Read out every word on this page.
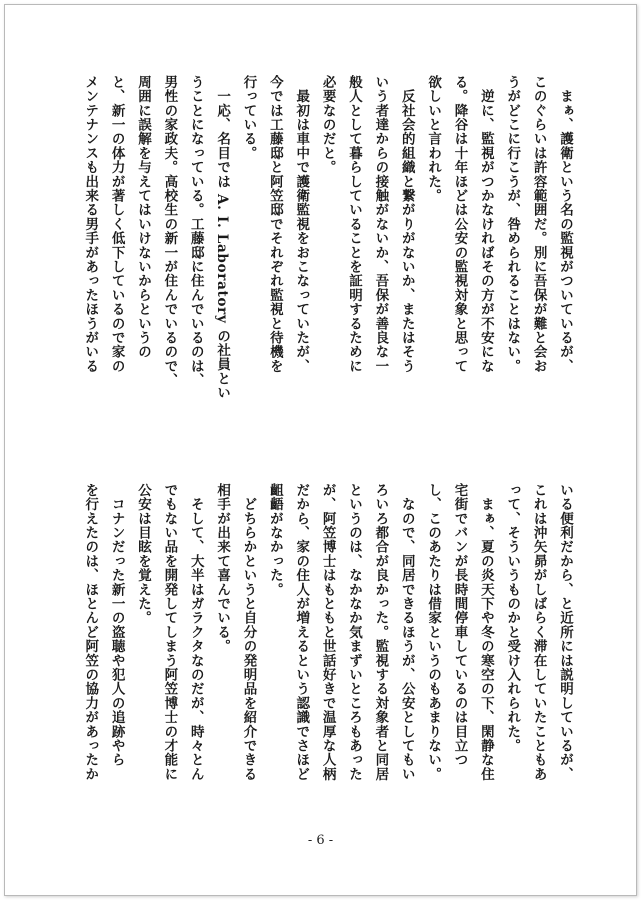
　まぁ、護衛という名の監視がついているが、
このぐらいは許容範囲だ。別に吾保が難と会お
うがどこに行こうが、咎められることはない。
　逆に、監視がつかなければその方が不安にな
る。降谷は十年ほどは公安の監視対象と思って
欲しいと言われた。
　反社会的組織と繋がりがないか、またはそう
いう者達からの接触がないか、吾保が善良な一
般人として暮らしていることを証明するために
必要なのだと。
　最初は車中で護衛監視をおこなっていたが、
今では工藤邸と阿笠邸でそれぞれ監視と待機を
行っている。
　一応、名目では A. I. Laboratory の社員とい
うことになっている。工藤邸に住んでいるのは、
男性の家政夫。高校生の新一が住んでいるので、
周囲に誤解を与えてはいけないからというの
と、新一の体力が著しく低下しているので家の
メンテナンスも出来る男手があったほうがいる
いる便利だから、と近所には説明しているが、
これは沖矢昴がしばらく滞在していたこともあ
って、そういうものかと受け入れられた。
　まぁ、夏の炎天下や冬の寒空の下、閑静な住
宅街でバンが長時間停車しているのは目立つ
し、このあたりは借家というのもあまりない。
　なので、同居できるほうが、公安としてもい
ろいろ都合が良かった。監視する対象者と同居
というのは、なかなか気まずいところもあった
が、阿笠博士はもともと世話好きで温厚な人柄
だから、家の住人が増えるという認識でさほど
齟齬がなかった。
　どちらかというと自分の発明品を紹介できる
相手が出来て喜んでいる。
　そして、大半はガラクタなのだが、時々とん
でもない品を開発してしまう阿笠博士の才能に
公安は目眩を覚えた。
　コナンだった新一の盗聴や犯人の追跡やら
を行えたのは、ほとんど阿笠の協力があったか
- 6 -
